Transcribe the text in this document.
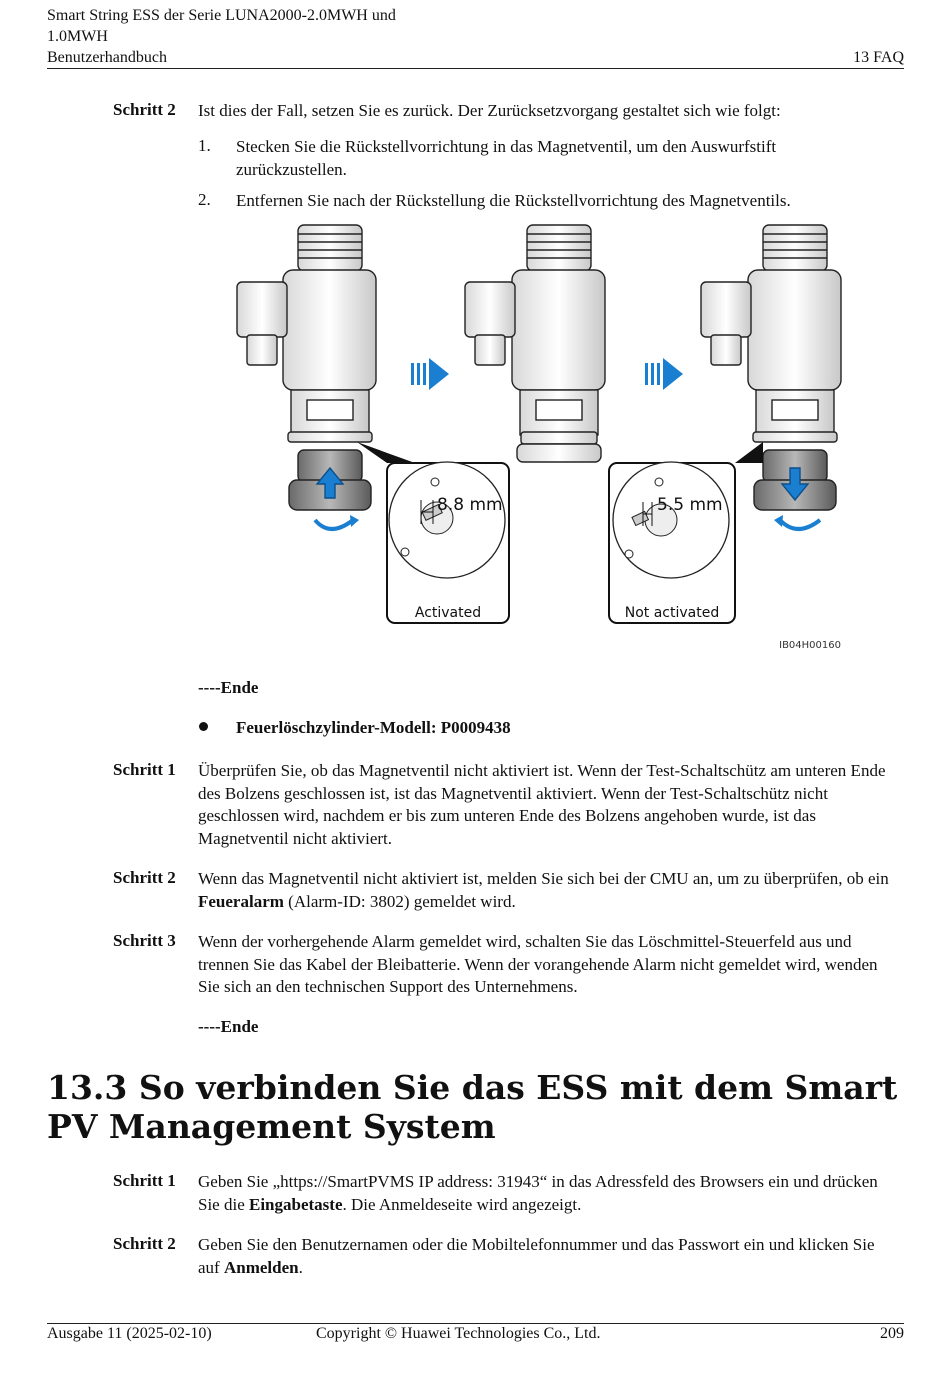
Smart String ESS der Serie LUNA2000-2.0MWH und
1.0MWH
Benutzerhandbuch	13 FAQ
Schritt 2 Ist dies der Fall, setzen Sie es zurück. Der Zurücksetzvorgang gestaltet sich wie folgt:
1. Stecken Sie die Rückstellvorrichtung in das Magnetventil, um den Auswurfstift zurückzustellen.
2. Entfernen Sie nach der Rückstellung die Rückstellvorrichtung des Magnetventils.
8.8 mm
Activated
5.5 mm
Not activated
IB04H00160
----Ende
Feuerlöschzylinder-Modell: P0009438
Schritt 1 Überprüfen Sie, ob das Magnetventil nicht aktiviert ist. Wenn der Test-Schaltschütz am unteren Ende des Bolzens geschlossen ist, ist das Magnetventil aktiviert. Wenn der Test-Schaltschütz nicht geschlossen wird, nachdem er bis zum unteren Ende des Bolzens angehoben wurde, ist das Magnetventil nicht aktiviert.
Schritt 2 Wenn das Magnetventil nicht aktiviert ist, melden Sie sich bei der CMU an, um zu überprüfen, ob ein Feueralarm (Alarm-ID: 3802) gemeldet wird.
Schritt 3 Wenn der vorhergehende Alarm gemeldet wird, schalten Sie das Löschmittel-Steuerfeld aus und trennen Sie das Kabel der Bleibatterie. Wenn der vorangehende Alarm nicht gemeldet wird, wenden Sie sich an den technischen Support des Unternehmens.
----Ende
13.3 So verbinden Sie das ESS mit dem Smart PV Management System
Schritt 1 Geben Sie „https://SmartPVMS IP address: 31943“ in das Adressfeld des Browsers ein und drücken Sie die Eingabetaste. Die Anmeldeseite wird angezeigt.
Schritt 2 Geben Sie den Benutzernamen oder die Mobiltelefonnummer und das Passwort ein und klicken Sie auf Anmelden.
Ausgabe 11 (2025-02-10)	Copyright © Huawei Technologies Co., Ltd.	209
